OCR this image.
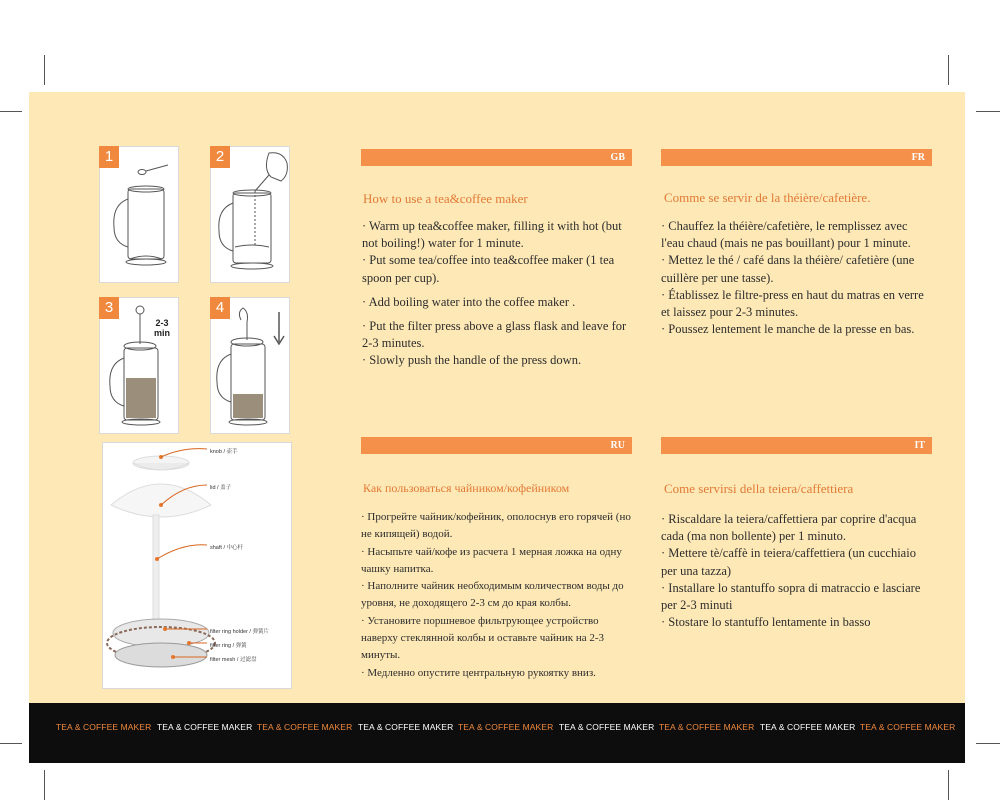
1	2
2-3 min
3	4
knob / 壶手
lid / 盖子
shaft / 中心杆
filter ring holder / 弹簧片
filter ring / 弹簧
filter mesh / 过滤盘
GB
How to use a tea&coffee maker

· Warm up tea&coffee maker, filling it with hot (but not boiling!) water for 1 minute.

· Put some tea/coffee into tea&coffee maker (1 tea spoon per cup).

· Add boiling water into the coffee maker .

· Put the filter press above a glass flask and leave for 2-3 minutes.

· Slowly push the handle of the press down.

FR
Comme se servir de la théière/cafetière.

· Chauffez la théière/cafetière, le remplissez avec l'eau chaud (mais ne pas bouillant) pour 1 minute.

· Mettez le thé / café dans la théière/ cafetière (une cuillère per une tasse).

· Établissez le filtre-press en haut du matras en verre et laissez pour 2-3 minutes.

· Poussez lentement le manche de la presse en bas.

RU
Как пользоваться чайником/кофейником

· Прогрейте чайник/кофейник, ополоснув его горячей (но не кипящей) водой.

· Насыпьте чай/кофе из расчета 1 мерная ложка на одну чашку напитка.

· Наполните чайник необходимым количеством воды до уровня, не доходящего 2-3 см до края колбы.

· Установите поршневое фильтрующее устройство наверху стеклянной колбы и оставьте чайник на 2-3 минуты.

· Медленно опустите центральную рукоятку вниз.

IT
Come servirsi della teiera/caffettiera

· Riscaldare la teiera/caffettiera par coprire d'acqua cada (ma non bollente) per 1 minuto.

· Mettere tè/caffè in teiera/caffettiera (un cucchiaio per una tazza)

· Installare lo stantuffo sopra di matraccio e lasciare per 2-3 minuti

· Stostare lo stantuffo lentamente in basso

TEA & COFFEE MAKER TEA & COFFEE MAKER TEA & COFFEE MAKER TEA & COFFEE MAKER TEA & COFFEE MAKER TEA & COFFEE MAKER TEA & COFFEE MAKER TEA & COFFEE MAKER TEA & COFFEE MAKER
